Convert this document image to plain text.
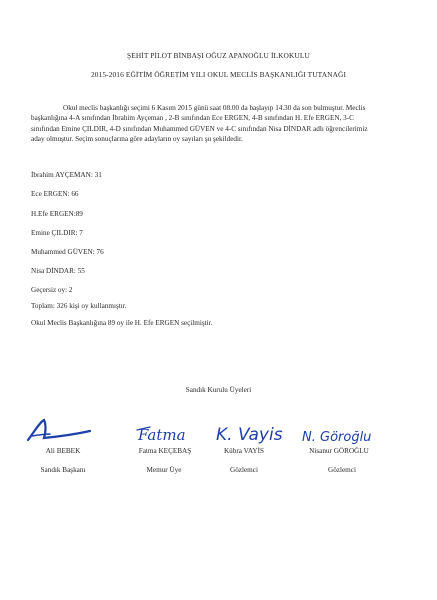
ŞEHİT PİLOT BİNBAŞI OĞUZ APANOĞLU İLKOKULU
2015-2016 EĞİTİM ÖĞRETİM YILI OKUL MECLİS BAŞKANLIĞI TUTANAĞI

Okul meclis başkanlığı seçimi 6 Kasım 2015 günü saat 08.00 da başlayıp 14.30 da son bulmuştur. Meclis başkanlığına 4-A sınıfından İbrahim Ayçeman , 2-B sınıfından Ece ERGEN, 4-B sınıfından H. Efe ERGEN, 3-C sınıfından Emine ÇILDIR, 4-D sınıfından Muhammed GÜVEN ve 4-C sınıfından Nisa DİNDAR adlı öğrencilerimiz aday olmuştur. Seçim sonuçlarına göre adayların oy sayıları şu şekildedir.

İbrahim AYÇEMAN: 31
Ece ERGEN: 66
H.Efe ERGEN:89
Emine ÇILDIR: 7
Muhammed GÜVEN: 76
Nisa DİNDAR: 55
Geçersiz oy: 2
Toplam: 326 kişi oy kullanmıştır.
Okul Meclis Başkanlığına 89 oy ile H. Efe ERGEN seçilmiştir.
Sandık Kurulu Üyeleri
Fatma K. Vayis N. Göroğlu
Ali BEBEK	Fatma KEÇEBAŞ	Kübra VAYİS	Nisanur GÖROĞLU
Sandık Başkanı	Memur Üye	Gözlemci	Gözlemci
